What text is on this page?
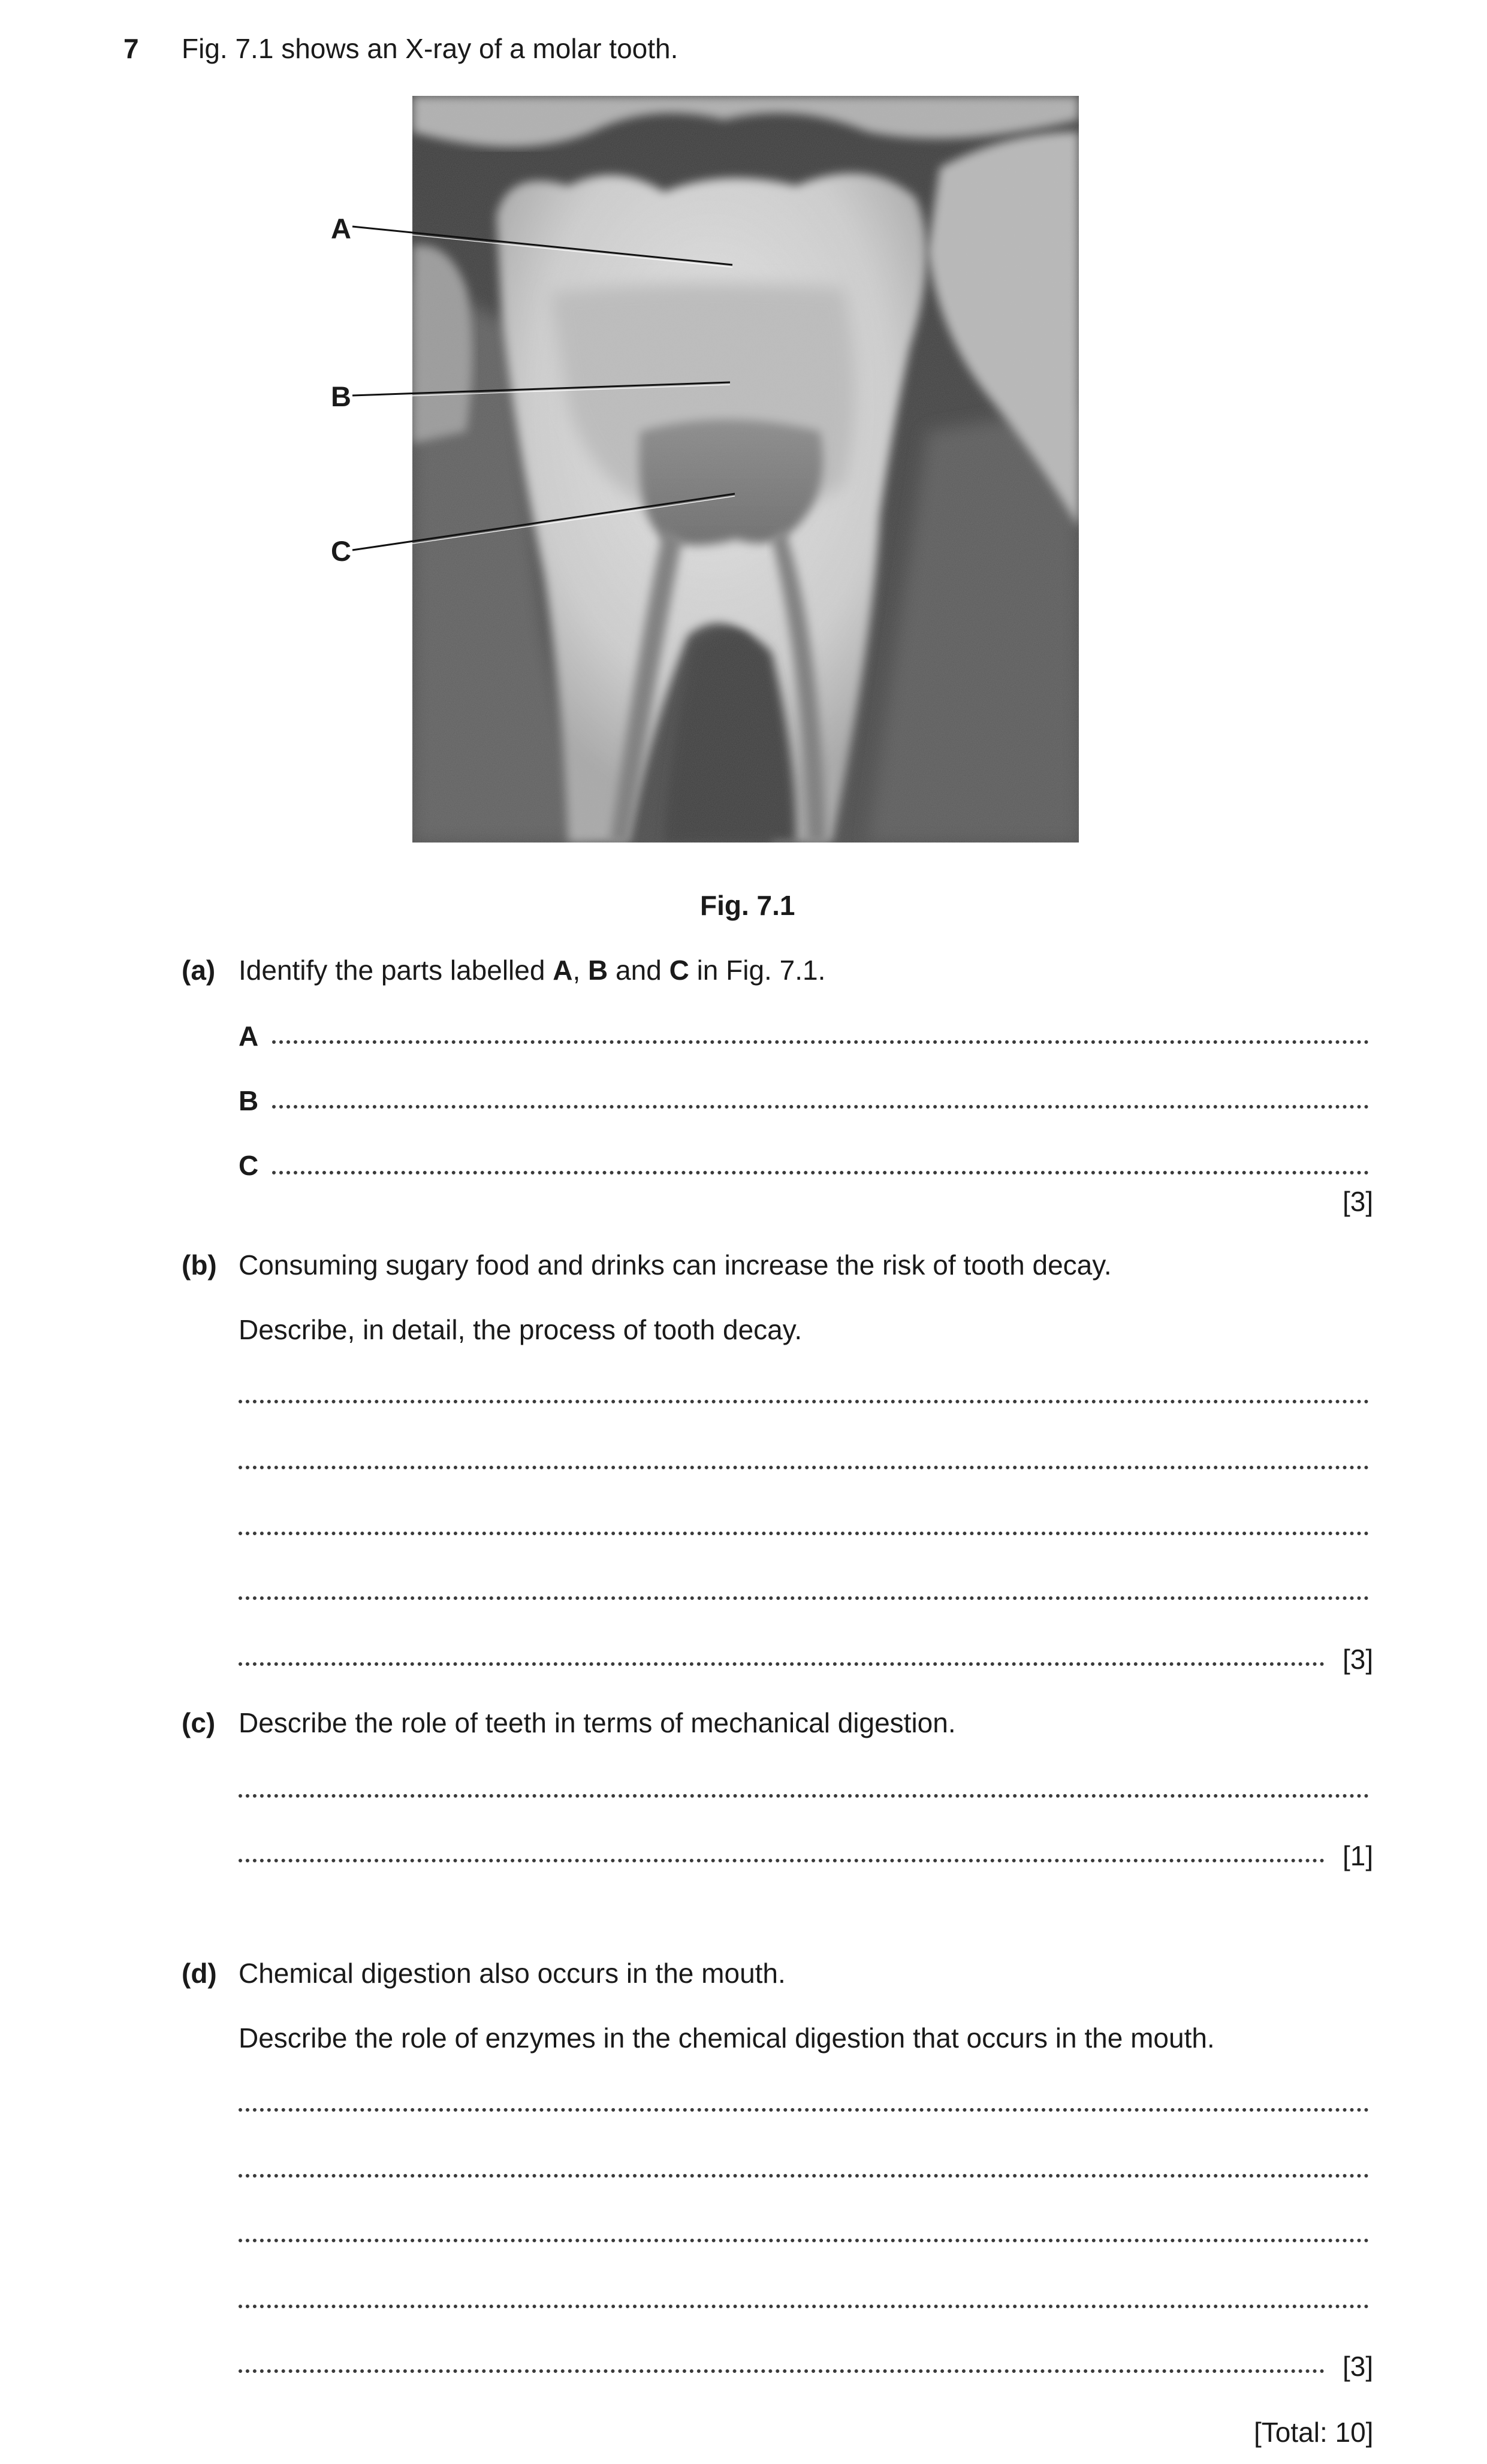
7 Fig. 7.1 shows an X-ray of a molar tooth.
A
B
C
Fig. 7.1
(a) Identify the parts labelled A, B and C in Fig. 7.1.
A
B
C
[3]
(b) Consuming sugary food and drinks can increase the risk of tooth decay.
Describe, in detail, the process of tooth decay.
[3]
(c) Describe the role of teeth in terms of mechanical digestion.
[1]
(d) Chemical digestion also occurs in the mouth.
Describe the role of enzymes in the chemical digestion that occurs in the mouth.
[3]
[Total: 10]
